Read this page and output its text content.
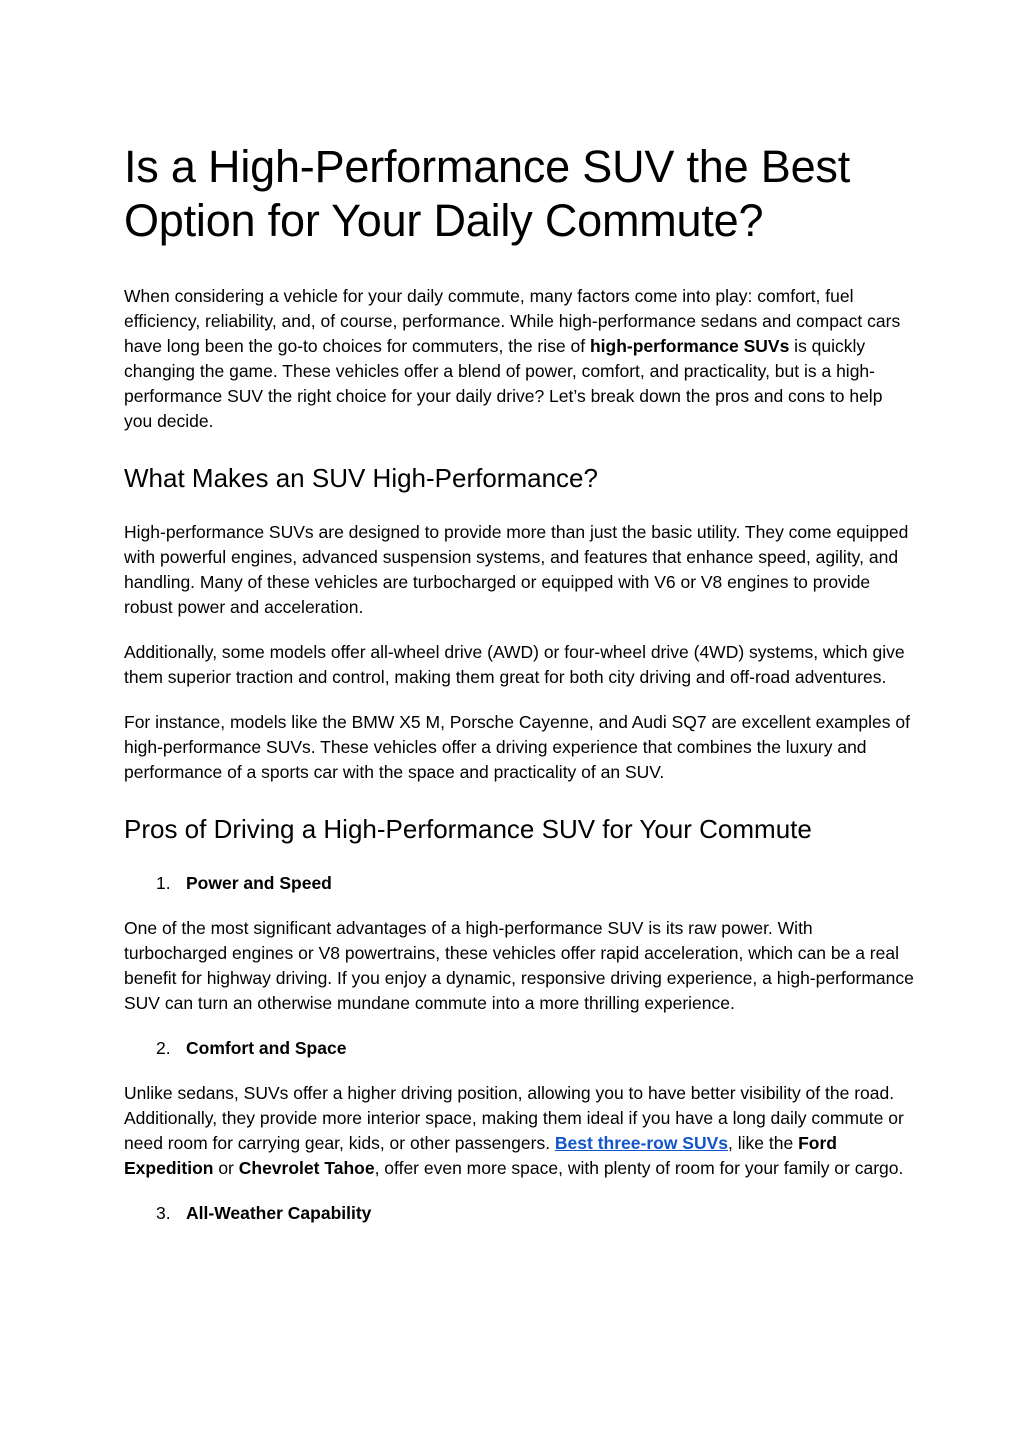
Is a High-Performance SUV the Best Option for Your Daily Commute?

When considering a vehicle for your daily commute, many factors come into play: comfort, fuel efficiency, reliability, and, of course, performance. While high-performance sedans and compact cars have long been the go-to choices for commuters, the rise of high-performance SUVs is quickly changing the game. These vehicles offer a blend of power, comfort, and practicality, but is a high-performance SUV the right choice for your daily drive? Let’s break down the pros and cons to help you decide.

What Makes an SUV High-Performance?

High-performance SUVs are designed to provide more than just the basic utility. They come equipped with powerful engines, advanced suspension systems, and features that enhance speed, agility, and handling. Many of these vehicles are turbocharged or equipped with V6 or V8 engines to provide robust power and acceleration.

Additionally, some models offer all-wheel drive (AWD) or four-wheel drive (4WD) systems, which give them superior traction and control, making them great for both city driving and off-road adventures.

For instance, models like the BMW X5 M, Porsche Cayenne, and Audi SQ7 are excellent examples of high-performance SUVs. These vehicles offer a driving experience that combines the luxury and performance of a sports car with the space and practicality of an SUV.

Pros of Driving a High-Performance SUV for Your Commute
1. Power and Speed

One of the most significant advantages of a high-performance SUV is its raw power. With turbocharged engines or V8 powertrains, these vehicles offer rapid acceleration, which can be a real benefit for highway driving. If you enjoy a dynamic, responsive driving experience, a high-performance SUV can turn an otherwise mundane commute into a more thrilling experience.

2. Comfort and Space

Unlike sedans, SUVs offer a higher driving position, allowing you to have better visibility of the road. Additionally, they provide more interior space, making them ideal if you have a long daily commute or need room for carrying gear, kids, or other passengers. Best three-row SUVs, like the Ford Expedition or Chevrolet Tahoe, offer even more space, with plenty of room for your family or cargo.

3. All-Weather Capability
